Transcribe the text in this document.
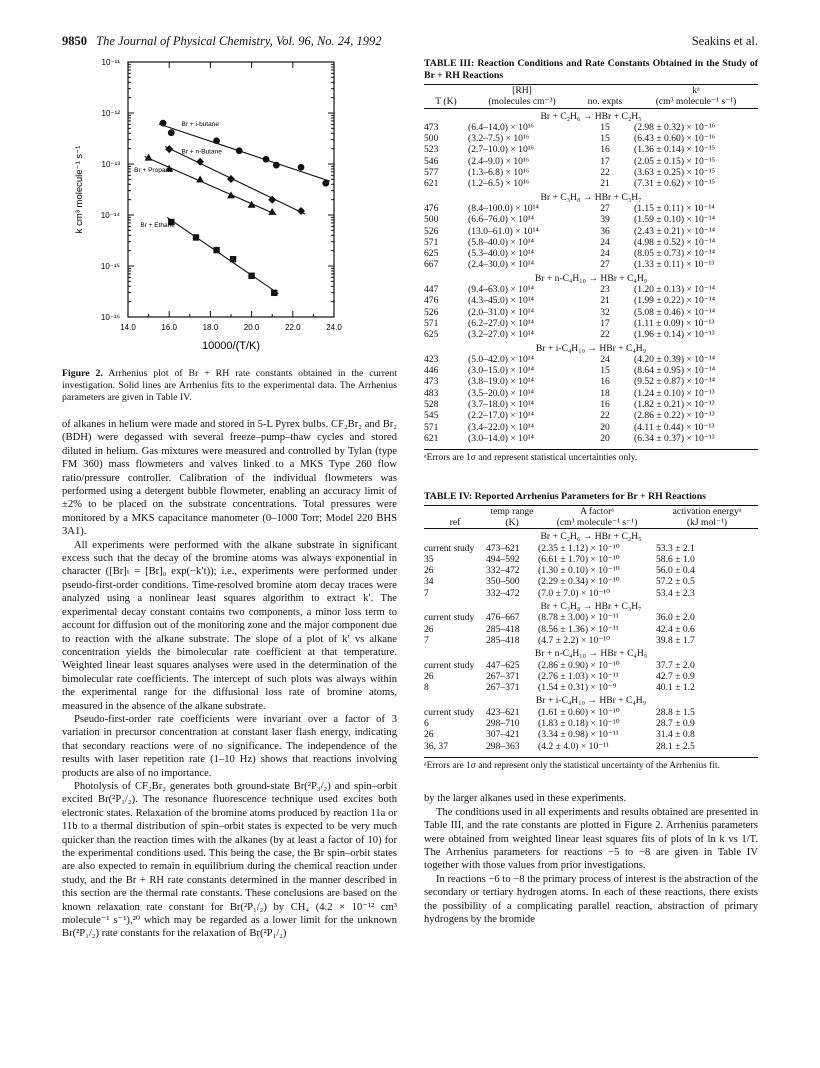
9850 The Journal of Physical Chemistry, Vol. 96, No. 24, 1992	Seakins et al.
14.0	16.0	18.0	20.0	22.0	24.0
10⁻¹¹
10⁻¹²
10⁻¹³
10⁻¹⁴
10⁻¹⁵
10⁻¹⁶
10000/(T/K)
k cm³ molecule⁻¹ s⁻¹
Br + i-butane
Br + n-Butane
Br + Propane
Br + Ethane
Figure 2. Arrhenius plot of Br + RH rate constants obtained in the current investigation. Solid lines are Arrhenius fits to the experimental data. The Arrhenius parameters are given in Table IV.

of alkanes in helium were made and stored in 5-L Pyrex bulbs. CF₂Br₂ and Br₂ (BDH) were degassed with several freeze–pump–thaw cycles and stored diluted in helium. Gas mixtures were measured and controlled by Tylan (type FM 360) mass flowmeters and valves linked to a MKS Type 260 flow ratio/pressure controller. Calibration of the individual flowmeters was performed using a detergent bubble flowmeter, enabling an accuracy limit of ±2% to be placed on the substrate concentrations. Total pressures were monitored by a MKS capacitance manometer (0–1000 Torr; Model 220 BHS 3A1).

All experiments were performed with the alkane substrate in significant excess such that the decay of the bromine atoms was always exponential in character ([Br]ₜ = [Br]₀ exp(−k′t)); i.e., experiments were performed under pseudo-first-order conditions. Time-resolved bromine atom decay traces were analyzed using a nonlinear least squares algorithm to extract k′. The experimental decay constant contains two components, a minor loss term to account for diffusion out of the monitoring zone and the major component due to reaction with the alkane substrate. The slope of a plot of k′ vs alkane concentration yields the bimolecular rate coefficient at that temperature. Weighted linear least squares analyses were used in the determination of the bimolecular rate coefficients. The intercept of such plots was always within the experimental range for the diffusional loss rate of bromine atoms, measured in the absence of the alkane substrate.

Pseudo-first-order rate coefficients were invariant over a factor of 3 variation in precursor concentration at constant laser flash energy, indicating that secondary reactions were of no significance. The independence of the results with laser repetition rate (1–10 Hz) shows that reactions involving products are also of no importance.

Photolysis of CF₂Br₂ generates both ground-state Br(²P₃/₂) and spin–orbit excited Br(²P₁/₂). The resonance fluorescence technique used excites both electronic states. Relaxation of the bromine atoms produced by reaction 11a or 11b to a thermal distribution of spin–orbit states is expected to be very much quicker than the reaction times with the alkanes (by at least a factor of 10) for the experimental conditions used. This being the case, the Br spin–orbit states are also expected to remain in equilibrium during the chemical reaction under study, and the Br + RH rate constants determined in the manner described in this section are the thermal rate constants. These conclusions are based on the known relaxation rate constant for Br(²P₁/₂) by CH₄ (4.2 × 10⁻¹² cm³ molecule⁻¹ s⁻¹),²⁰ which may be regarded as a lower limit for the unknown Br(²P₁/₂) rate constants for the relaxation of Br(²P₁/₂)

TABLE III: Reaction Conditions and Rate Constants Obtained in the Study of Br + RH Reactions
	[RH]		kᵃ
T (K)	(molecules cm⁻³)	no. expts	(cm³ molecule⁻¹ s⁻¹)
Br + C₂H₆ → HBr + C₂H₅			
473	(6.4–14.0) × 10¹⁶	15	(2.98 ± 0.32) × 10⁻¹⁶
500	(3.2–7.5) × 10¹⁶	15	(6.43 ± 0.60) × 10⁻¹⁶
523	(2.7–10.0) × 10¹⁶	16	(1.36 ± 0.14) × 10⁻¹⁵
546	(2.4–9.0) × 10¹⁶	17	(2.05 ± 0.15) × 10⁻¹⁵
577	(1.3–6.8) × 10¹⁶	22	(3.63 ± 0.25) × 10⁻¹⁵
621	(1.2–6.5) × 10¹⁶	21	(7.31 ± 0.62) × 10⁻¹⁵
Br + C₃H₈ → HBr + C₃H₇			
476	(8.4–100.0) × 10¹⁴	27	(1.15 ± 0.11) × 10⁻¹⁴
500	(6.6–76.0) × 10¹⁴	39	(1.59 ± 0.10) × 10⁻¹⁴
526	(13.0–61.0) × 10¹⁴	36	(2.43 ± 0.21) × 10⁻¹⁴
571	(5.8–40.0) × 10¹⁴	24	(4.98 ± 0.52) × 10⁻¹⁴
625	(5.3–40.0) × 10¹⁴	24	(8.05 ± 0.73) × 10⁻¹⁴
667	(2.4–30.0) × 10¹⁴	27	(1.33 ± 0.11) × 10⁻¹³
Br + n-C₄H₁₀ → HBr + C₄H₉			
447	(9.4–63.0) × 10¹⁴	23	(1.20 ± 0.13) × 10⁻¹⁴
476	(4.3–45.0) × 10¹⁴	21	(1.99 ± 0.22) × 10⁻¹⁴
526	(2.0–31.0) × 10¹⁴	32	(5.08 ± 0.46) × 10⁻¹⁴
571	(6.2–27.0) × 10¹⁴	17	(1.11 ± 0.09) × 10⁻¹³
625	(3.2–27.0) × 10¹⁴	22	(1.96 ± 0.14) × 10⁻¹³
Br + i-C₄H₁₀ → HBr + C₄H₉			
423	(5.0–42.0) × 10¹⁴	24	(4.20 ± 0.39) × 10⁻¹⁴
446	(3.0–15.0) × 10¹⁴	15	(8.64 ± 0.95) × 10⁻¹⁴
473	(3.8–19.0) × 10¹⁴	16	(9.52 ± 0.87) × 10⁻¹⁴
483	(3.5–20.0) × 10¹⁴	18	(1.24 ± 0.10) × 10⁻¹³
528	(3.7–18.0) × 10¹⁴	16	(1.82 ± 0.21) × 10⁻¹³
545	(2.2–17.0) × 10¹⁴	22	(2.86 ± 0.22) × 10⁻¹³
571	(3.4–22.0) × 10¹⁴	20	(4.11 ± 0.44) × 10⁻¹³
621	(3.0–14.0) × 10¹⁴	20	(6.34 ± 0.37) × 10⁻¹³
ᵃErrors are 1σ and represent statistical uncertainties only.
TABLE IV: Reported Arrhenius Parameters for Br + RH Reactions
	temp range	A factorᵃ	activation energyᵃ
ref	(K)	(cm³ molecule⁻¹ s⁻¹)	(kJ mol⁻¹)
Br + C₂H₆ → HBr + C₂H₅			
current study	473–621	(2.35 ± 1.12) × 10⁻¹⁰	53.3 ± 2.1
35	494–592	(6.61 ± 1.70) × 10⁻¹⁰	58.6 ± 1.0
26	332–472	(1.30 ± 0.10) × 10⁻¹⁰	56.0 ± 0.4
34	350–500	(2.29 ± 0.34) × 10⁻¹⁰	57.2 ± 0.5
7	332–472	(7.0 ± 7.0) × 10⁻¹⁰	53.4 ± 2.3
Br + C₃H₈ → HBr + C₃H₇			
current study	476–667	(8.78 ± 3.00) × 10⁻¹¹	36.0 ± 2.0
26	285–418	(8.56 ± 1.36) × 10⁻¹¹	42.4 ± 0.6
7	285–418	(4.7 ± 2.2) × 10⁻¹⁰	39.8 ± 1.7
Br + n-C₄H₁₀ → HBr + C₄H₉			
current study	447–625	(2.86 ± 0.90) × 10⁻¹⁰	37.7 ± 2.0
26	267–371	(2.76 ± 1.03) × 10⁻¹¹	42.7 ± 0.9
8	267–371	(1.54 ± 0.31) × 10⁻⁹	40.1 ± 1.2
Br + i-C₄H₁₀ → HBr + C₄H₉			
current study	423–621	(1.61 ± 0.60) × 10⁻¹⁰	28.8 ± 1.5
6	298–710	(1.83 ± 0.18) × 10⁻¹⁰	28.7 ± 0.9
26	307–421	(3.34 ± 0.98) × 10⁻¹¹	31.4 ± 0.8
36, 37	298–363	(4.2 ± 4.0) × 10⁻¹¹	28.1 ± 2.5
ᵃErrors are 1σ and represent only the statistical uncertainty of the Arrhenius fit.

by the larger alkanes used in these experiments.

The conditions used in all experiments and results obtained are presented in Table III, and the rate constants are plotted in Figure 2. Arrhenius parameters were obtained from weighted linear least squares fits of plots of ln k vs 1/T. The Arrhenius parameters for reactions −5 to −8 are given in Table IV together with those values from prior investigations.

In reactions −6 to −8 the primary process of interest is the abstraction of the secondary or tertiary hydrogen atoms. In each of these reactions, there exists the possibility of a complicating parallel reaction, abstraction of primary hydrogens by the bromide
